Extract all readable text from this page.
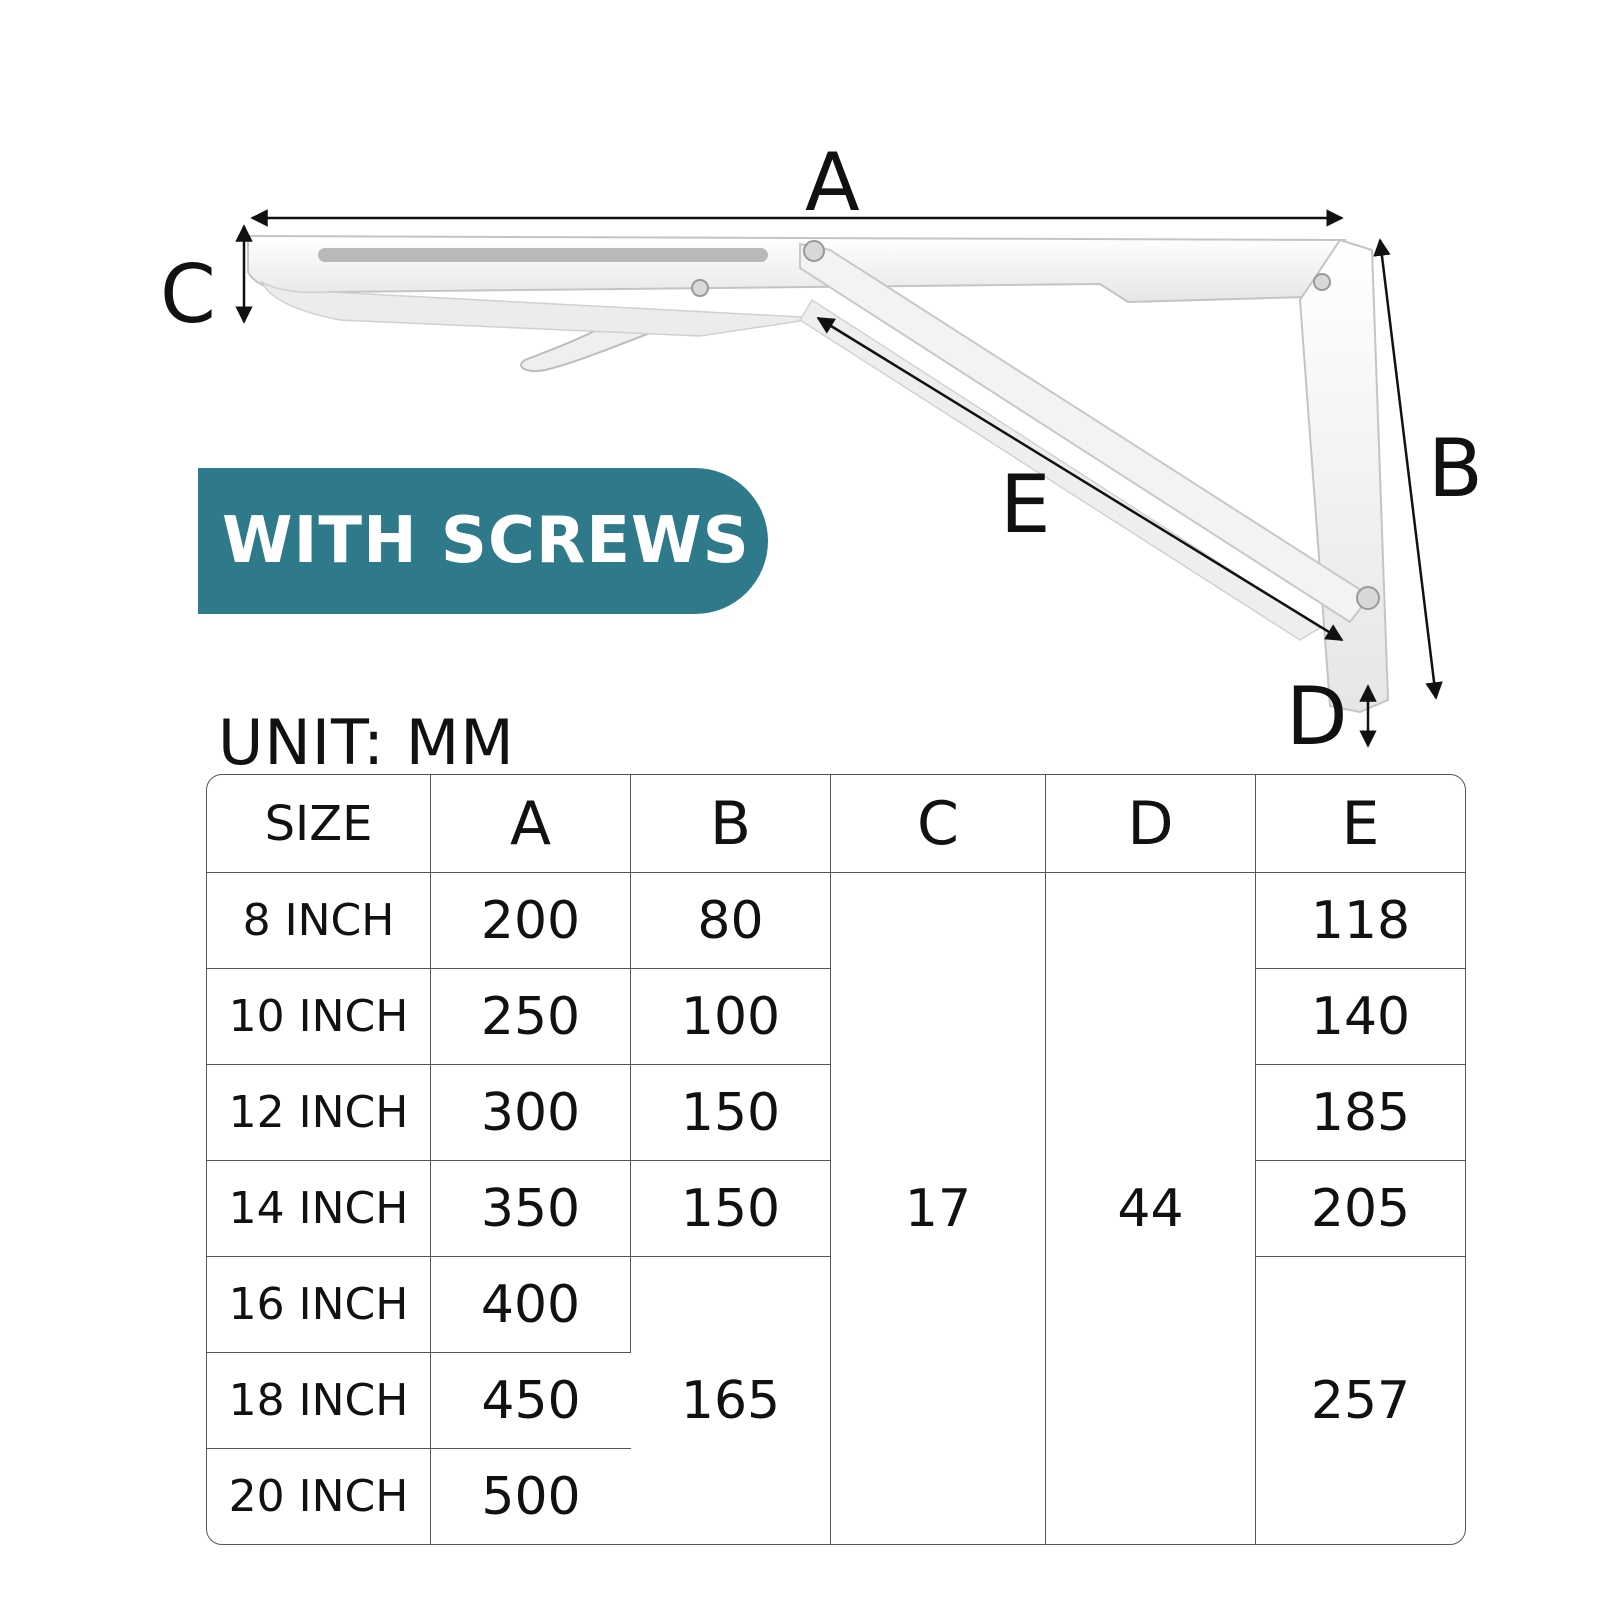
A
C
B
E
D
WITH SCREWS
UNIT: MM
SIZE	A	B	C	D	E
8 INCH	200	80	17	44	118
10 INCH	250	100			140
12 INCH	300	150			185
14 INCH	350	150			205
16 INCH	400	165			257
18 INCH	450				
20 INCH	500				
